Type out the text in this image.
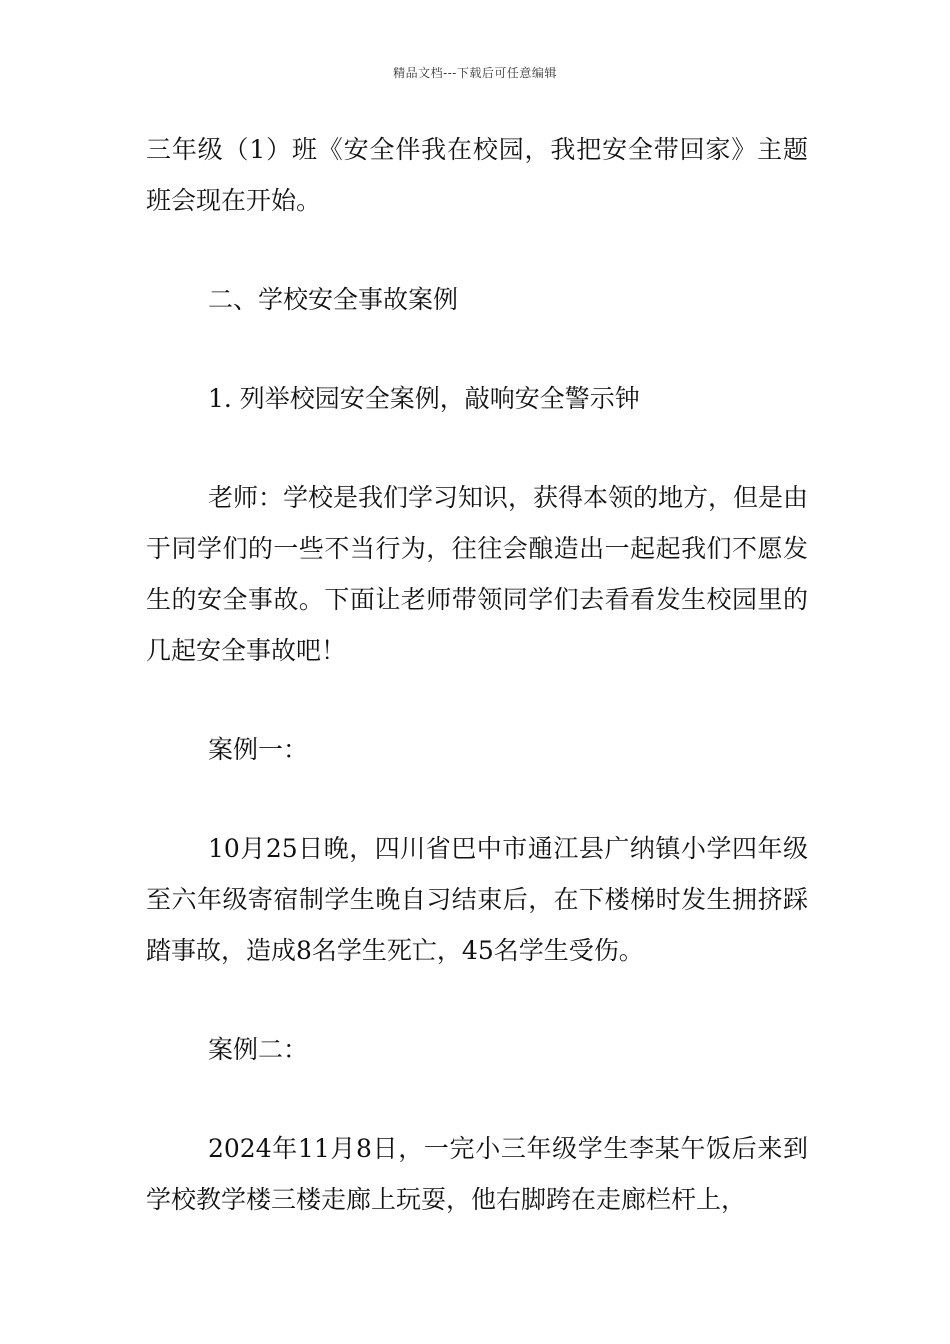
精品文档---下载后可任意编辑

三年级（1）班《安全伴我在校园，我把安全带回家》主题班会现在开始。

二、学校安全事故案例

1. 列举校园安全案例，敲响安全警示钟

老师：学校是我们学习知识，获得本领的地方，但是由于同学们的一些不当行为，往往会酿造出一起起我们不愿发生的安全事故。下面让老师带领同学们去看看发生校园里的几起安全事故吧！

案例一：

10月25日晚，四川省巴中市通江县广纳镇小学四年级至六年级寄宿制学生晚自习结束后，在下楼梯时发生拥挤踩踏事故，造成8名学生死亡，45名学生受伤。

案例二：

2024年11月8日，一完小三年级学生李某午饭后来到学校教学楼三楼走廊上玩耍，他右脚跨在走廊栏杆上，
